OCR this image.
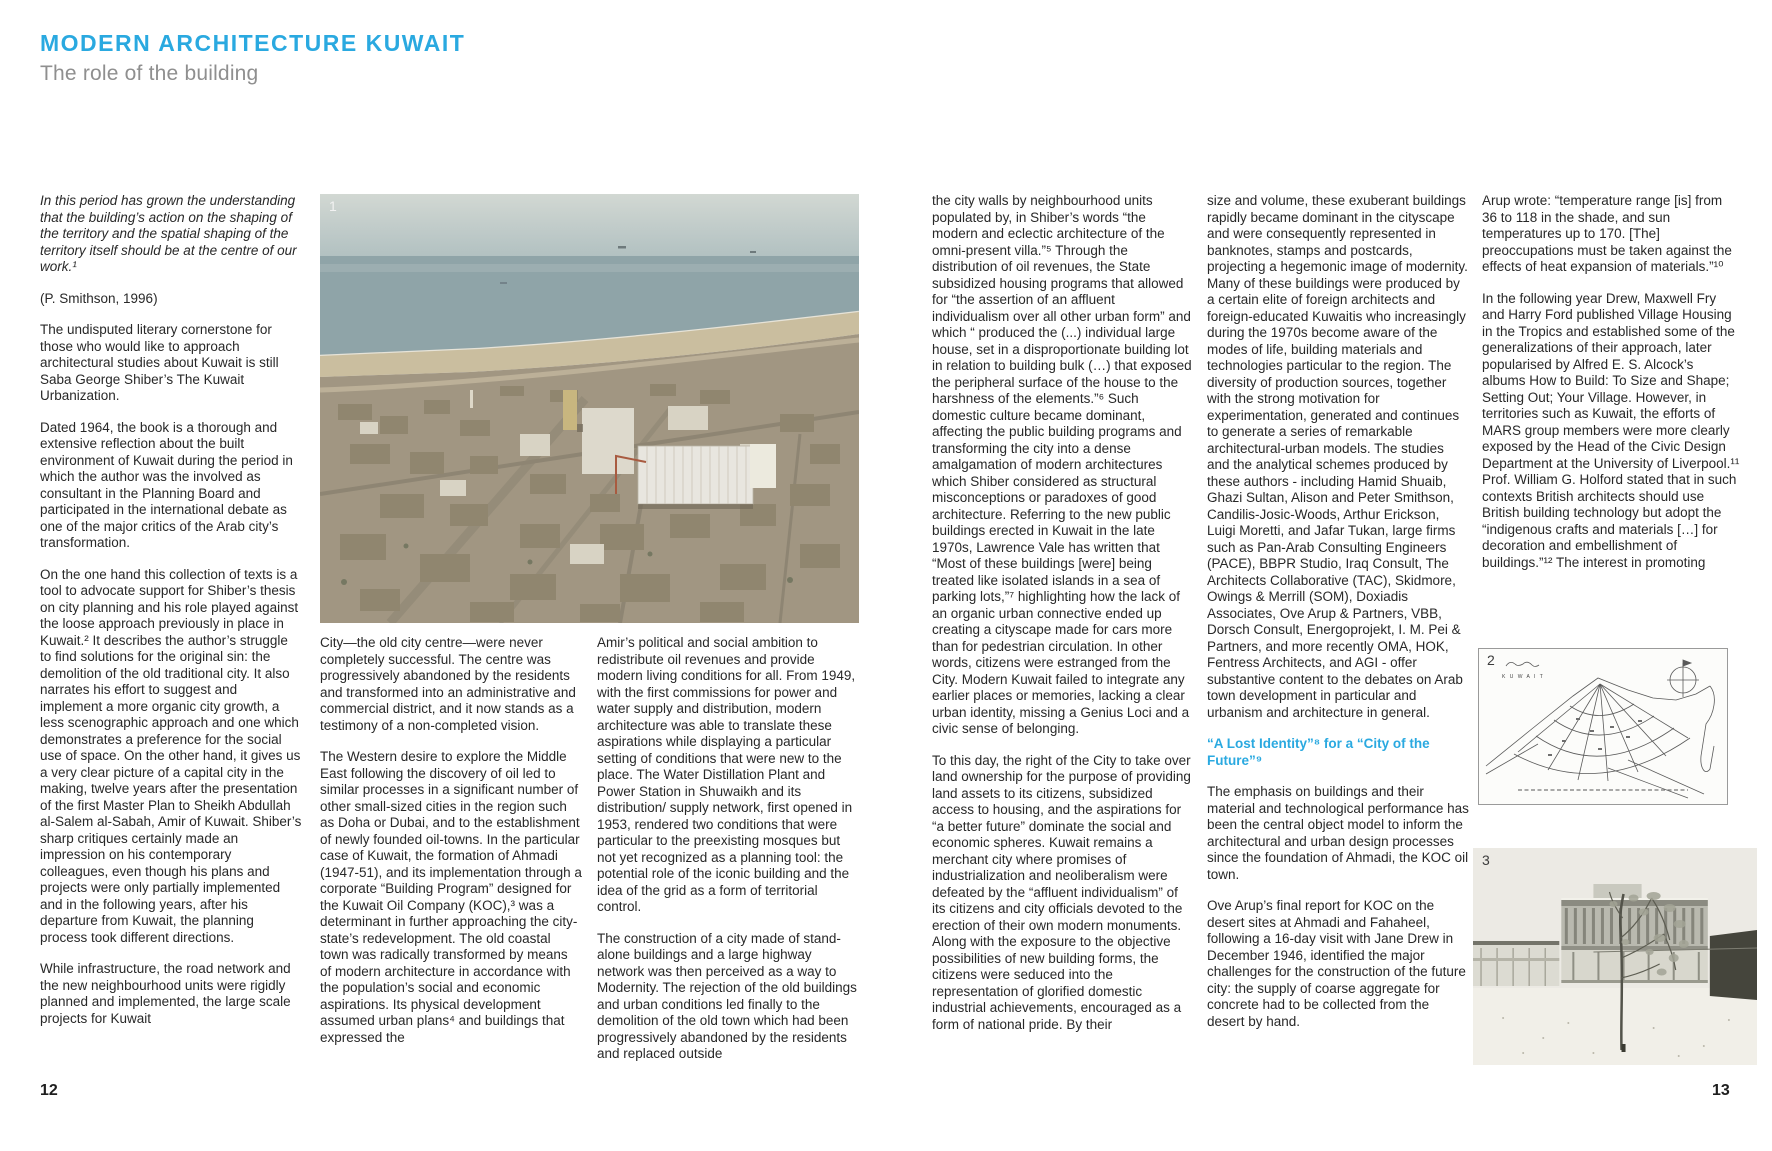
MODERN ARCHITECTURE KUWAIT
The role of the building

In this period has grown the understanding that the building’s action on the shaping of the territory and the spatial shaping of the territory itself should be at the centre of our work.¹

(P. Smithson, 1996)

The undisputed literary cornerstone for those who would like to approach architectural studies about Kuwait is still Saba George Shiber’s The Kuwait Urbanization.

Dated 1964, the book is a thorough and extensive reflection about the built environment of Kuwait during the period in which the author was the involved as consultant in the Planning Board and participated in the international debate as one of the major critics of the Arab city’s transformation.

On the one hand this collection of texts is a tool to advocate support for Shiber’s thesis on city planning and his role played against the loose approach previously in place in Kuwait.² It describes the author’s struggle to find solutions for the original sin: the demolition of the old traditional city. It also narrates his effort to suggest and implement a more organic city growth, a less scenographic approach and one which demonstrates a preference for the social use of space. On the other hand, it gives us a very clear picture of a capital city in the making, twelve years after the presentation of the first Master Plan to Sheikh Abdullah al-Salem al-Sabah, Amir of Kuwait. Shiber’s sharp critiques certainly made an impression on his contemporary colleagues, even though his plans and projects were only partially implemented and in the following years, after his departure from Kuwait, the planning process took different directions.

While infrastructure, the road network and the new neighbourhood units were rigidly planned and implemented, the large scale projects for Kuwait

1

City—the old city centre—were never completely successful. The centre was progressively abandoned by the residents and transformed into an administrative and commercial district, and it now stands as a testimony of a non-completed vision.

The Western desire to explore the Middle East following the discovery of oil led to similar processes in a significant number of other small-sized cities in the region such as Doha or Dubai, and to the establishment of newly founded oil-towns. In the particular case of Kuwait, the formation of Ahmadi (1947-51), and its implementation through a corporate “Building Program” designed for the Kuwait Oil Company (KOC),³ was a determinant in further approaching the city-state’s redevelopment. The old coastal town was radically transformed by means of modern architecture in accordance with the population’s social and economic aspirations. Its physical development assumed urban plans⁴ and buildings that expressed the

Amir’s political and social ambition to redistribute oil revenues and provide modern living conditions for all. From 1949, with the first commissions for power and water supply and distribution, modern architecture was able to translate these aspirations while displaying a particular setting of conditions that were new to the place. The Water Distillation Plant and Power Station in Shuwaikh and its distribution/ supply network, first opened in 1953, rendered two conditions that were particular to the preexisting mosques but not yet recognized as a planning tool: the potential role of the iconic building and the idea of the grid as a form of territorial control.

The construction of a city made of stand-alone buildings and a large highway network was then perceived as a way to Modernity. The rejection of the old buildings and urban conditions led finally to the demolition of the old town which had been progressively abandoned by the residents and replaced outside

12

the city walls by neighbourhood units populated by, in Shiber’s words “the modern and eclectic architecture of the omni-present villa.”⁵ Through the distribution of oil revenues, the State subsidized housing programs that allowed for “the assertion of an affluent individualism over all other urban form” and which “ produced the (...) individual large house, set in a disproportionate building lot in relation to building bulk (…) that exposed the peripheral surface of the house to the harshness of the elements.”⁶ Such domestic culture became dominant, affecting the public building programs and transforming the city into a dense amalgamation of modern architectures which Shiber considered as structural misconceptions or paradoxes of good architecture. Referring to the new public buildings erected in Kuwait in the late 1970s, Lawrence Vale has written that “Most of these buildings [were] being treated like isolated islands in a sea of parking lots,”⁷ highlighting how the lack of an organic urban connective ended up creating a cityscape made for cars more than for pedestrian circulation. In other words, citizens were estranged from the City. Modern Kuwait failed to integrate any earlier places or memories, lacking a clear urban identity, missing a Genius Loci and a civic sense of belonging.

To this day, the right of the City to take over land ownership for the purpose of providing land assets to its citizens, subsidized access to housing, and the aspirations for “a better future” dominate the social and economic spheres. Kuwait remains a merchant city where promises of industrialization and neoliberalism were defeated by the “affluent individualism” of its citizens and city officials devoted to the erection of their own modern monuments. Along with the exposure to the objective possibilities of new building forms, the citizens were seduced into the representation of glorified domestic industrial achievements, encouraged as a form of national pride. By their

size and volume, these exuberant buildings rapidly became dominant in the cityscape and were consequently represented in banknotes, stamps and postcards, projecting a hegemonic image of modernity.

Many of these buildings were produced by a certain elite of foreign architects and foreign-educated Kuwaitis who increasingly during the 1970s become aware of the modes of life, building materials and technologies particular to the region. The diversity of production sources, together with the strong motivation for experimentation, generated and continues to generate a series of remarkable architectural-urban models. The studies and the analytical schemes produced by these authors - including Hamid Shuaib, Ghazi Sultan, Alison and Peter Smithson, Candilis-Josic-Woods, Arthur Erickson, Luigi Moretti, and Jafar Tukan, large firms such as Pan-Arab Consulting Engineers (PACE), BBPR Studio, Iraq Consult, The Architects Collaborative (TAC), Skidmore, Owings & Merrill (SOM), Doxiadis Associates, Ove Arup & Partners, VBB, Dorsch Consult, Energoprojekt, I. M. Pei & Partners, and more recently OMA, HOK, Fentress Architects, and AGI - offer substantive content to the debates on Arab town development in particular and urbanism and architecture in general.

“A Lost Identity”⁸ for a “City of the Future”⁹

The emphasis on buildings and their material and technological performance has been the central object model to inform the architectural and urban design processes since the foundation of Ahmadi, the KOC oil town.

Ove Arup’s final report for KOC on the desert sites at Ahmadi and Fahaheel, following a 16-day visit with Jane Drew in December 1946, identified the major challenges for the construction of the future city: the supply of coarse aggregate for concrete had to be collected from the desert by hand.

Arup wrote: “temperature range [is] from 36 to 118 in the shade, and sun temperatures up to 170. [The] preoccupations must be taken against the effects of heat expansion of materials.”¹⁰

In the following year Drew, Maxwell Fry and Harry Ford published Village Housing in the Tropics and established some of the generalizations of their approach, later popularised by Alfred E. S. Alcock’s albums How to Build: To Size and Shape; Setting Out; Your Village. However, in territories such as Kuwait, the efforts of MARS group members were more clearly exposed by the Head of the Civic Design Department at the University of Liverpool.¹¹ Prof. William G. Holford stated that in such contexts British architects should use British building technology but adopt the “indigenous crafts and materials […] for decoration and embellishment of buildings.”¹² The interest in promoting

K U W A I T
2
3
13
